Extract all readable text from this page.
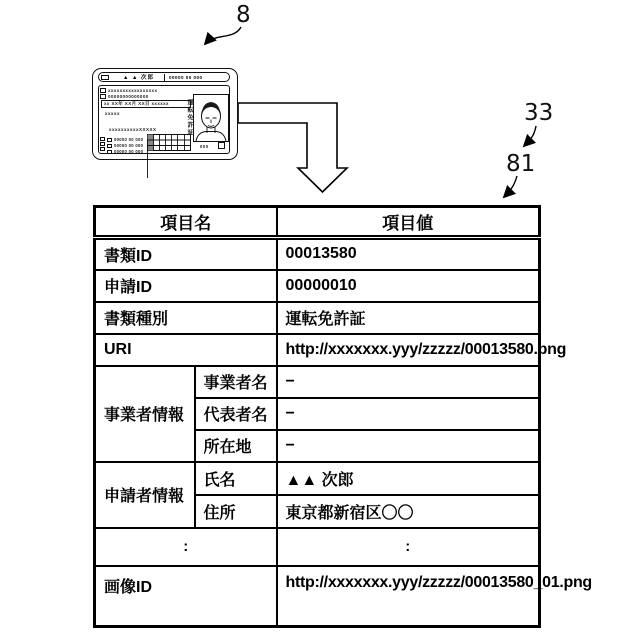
8
33
81
▲ ▲ 次郎	00000 00 000
xxxxxxxxxxxxxxxxx
00000000000000
xx XX年 XX月 XX日 xxxxxx
xxxxx
xxxxxxxxxxXXXXX
00000 00 000
00000 00 000
00000 00 000
運転免許証
000
項目名		項目値
書類ID		00013580
申請ID		00000010
書類種別		運転免許証
URI		http://xxxxxxx.yyy/zzzzz/00013580.png
事業者情報	事業者名	−
	代表者名	−
	所在地	−
申請者情報	氏名	▲▲ 次郎
	住所	東京都新宿区〇〇
:		:
画像ID		http://xxxxxxx.yyy/zzzzz/00013580_01.png
